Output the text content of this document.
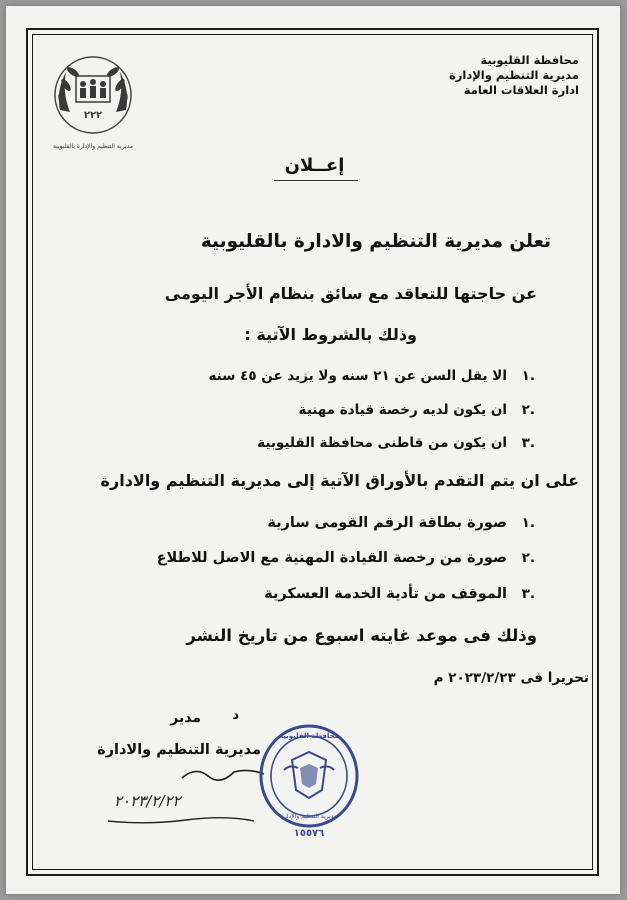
محافظة القليوبية
مديرية التنظيم والإدارة
ادارة العلاقات العامة
٢٢٢
مديرية التنظيم والإدارة بالقليوبية
إعــلان
تعلن مديرية التنظيم والادارة بالقليوبية
عن حاجتها للتعاقد مع سائق بنظام الأجر اليومى
وذلك بالشروط الآتية :
.١
الا يقل السن عن ٢١ سنه ولا يزيد عن ٤٥ سنه
.٢
ان يكون لديه رخصة قيادة مهنية
.٣
ان يكون من قاطنى محافظة القليوبية
على ان يتم التقدم بالأوراق الآتية إلى مديرية التنظيم والادارة
.١
صورة بطاقة الرقم القومى سارية
.٢
صورة من رخصة القيادة المهنية مع الاصل للاطلاع
.٣
الموقف من تأدية الخدمة العسكرية
وذلك فى موعد غايته اسبوع من تاريخ النشر
تحريرا فى ٢٠٢٣/٢/٢٣ م
مدير د
مديرية التنظيم والادارة
٢٠٢٣/٢/٢٢
محافظة القليوبية
مديرية التنظيم والإدارة
١٥٥٧٦
